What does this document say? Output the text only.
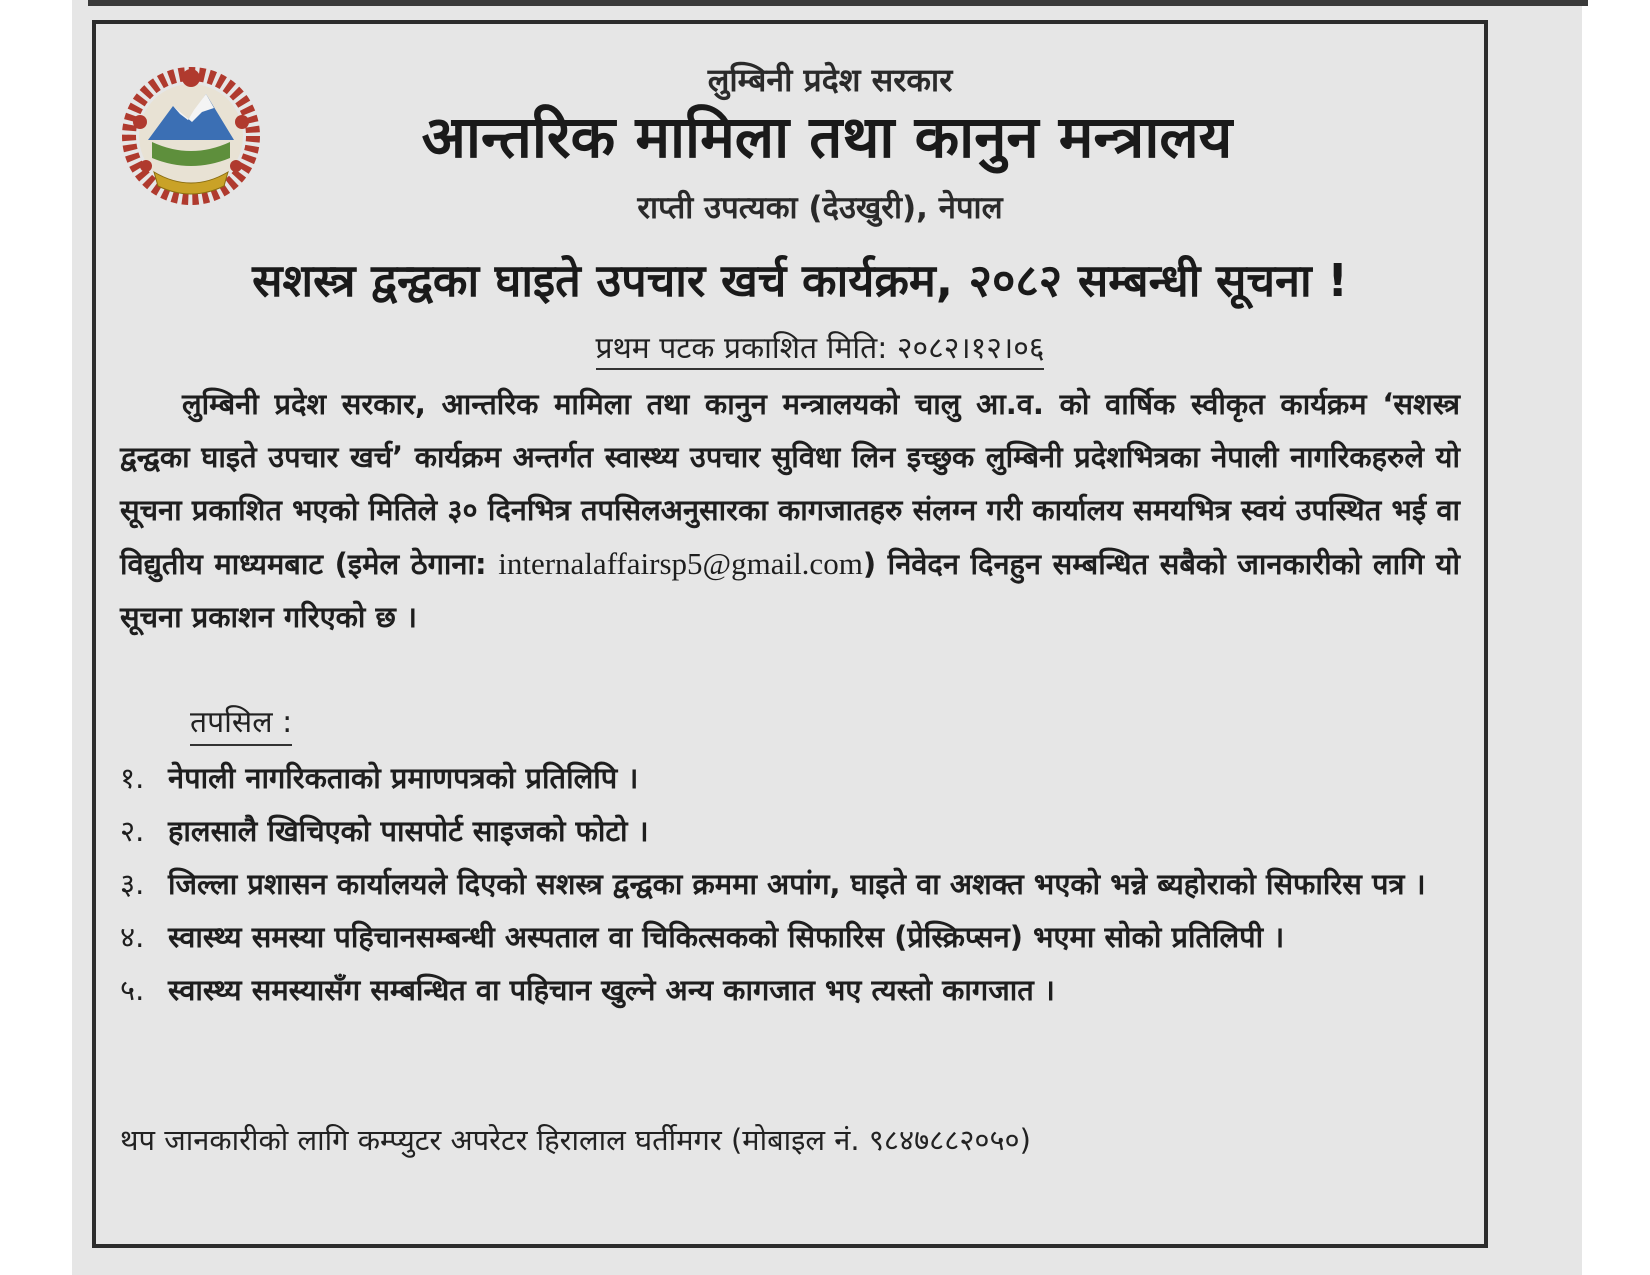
लुम्बिनी प्रदेश सरकार
आन्तरिक मामिला तथा कानुन मन्त्रालय
राप्ती उपत्यका (देउखुरी), नेपाल
सशस्त्र द्वन्द्वका घाइते उपचार खर्च कार्यक्रम, २०८२ सम्बन्धी सूचना !
प्रथम पटक प्रकाशित मिति: २०८२।१२।०६
लुम्बिनी प्रदेश सरकार, आन्तरिक मामिला तथा कानुन मन्त्रालयको चालु आ.व. को वार्षिक स्वीकृत कार्यक्रम ‘सशस्त्र द्वन्द्वका घाइते उपचार खर्च’ कार्यक्रम अन्तर्गत स्वास्थ्य उपचार सुविधा लिन इच्छुक लुम्बिनी प्रदेशभित्रका नेपाली नागरिकहरुले यो सूचना प्रकाशित भएको मितिले ३० दिनभित्र तपसिलअनुसारका कागजातहरु संलग्न गरी कार्यालय समयभित्र स्वयं उपस्थित भई वा विद्युतीय माध्यमबाट (इमेल ठेगाना: internalaffairsp5@gmail.com) निवेदन दिनहुन सम्बन्धित सबैको जानकारीको लागि यो सूचना प्रकाशन गरिएको छ ।
तपसिल :
१. नेपाली नागरिकताको प्रमाणपत्रको प्रतिलिपि ।
२. हालसालै खिचिएको पासपोर्ट साइजको फोटो ।
३. जिल्ला प्रशासन कार्यालयले दिएको सशस्त्र द्वन्द्वका क्रममा अपांग, घाइते वा अशक्त भएको भन्ने ब्यहोराको सिफारिस पत्र ।
४. स्वास्थ्य समस्या पहिचानसम्बन्धी अस्पताल वा चिकित्सकको सिफारिस (प्रेस्क्रिप्सन) भएमा सोको प्रतिलिपी ।
५. स्वास्थ्य समस्यासँग सम्बन्धित वा पहिचान खुल्ने अन्य कागजात भए त्यस्तो कागजात ।
थप जानकारीको लागि कम्प्युटर अपरेटर हिरालाल घर्तीमगर (मोबाइल नं. ९८४७८८२०५०)
